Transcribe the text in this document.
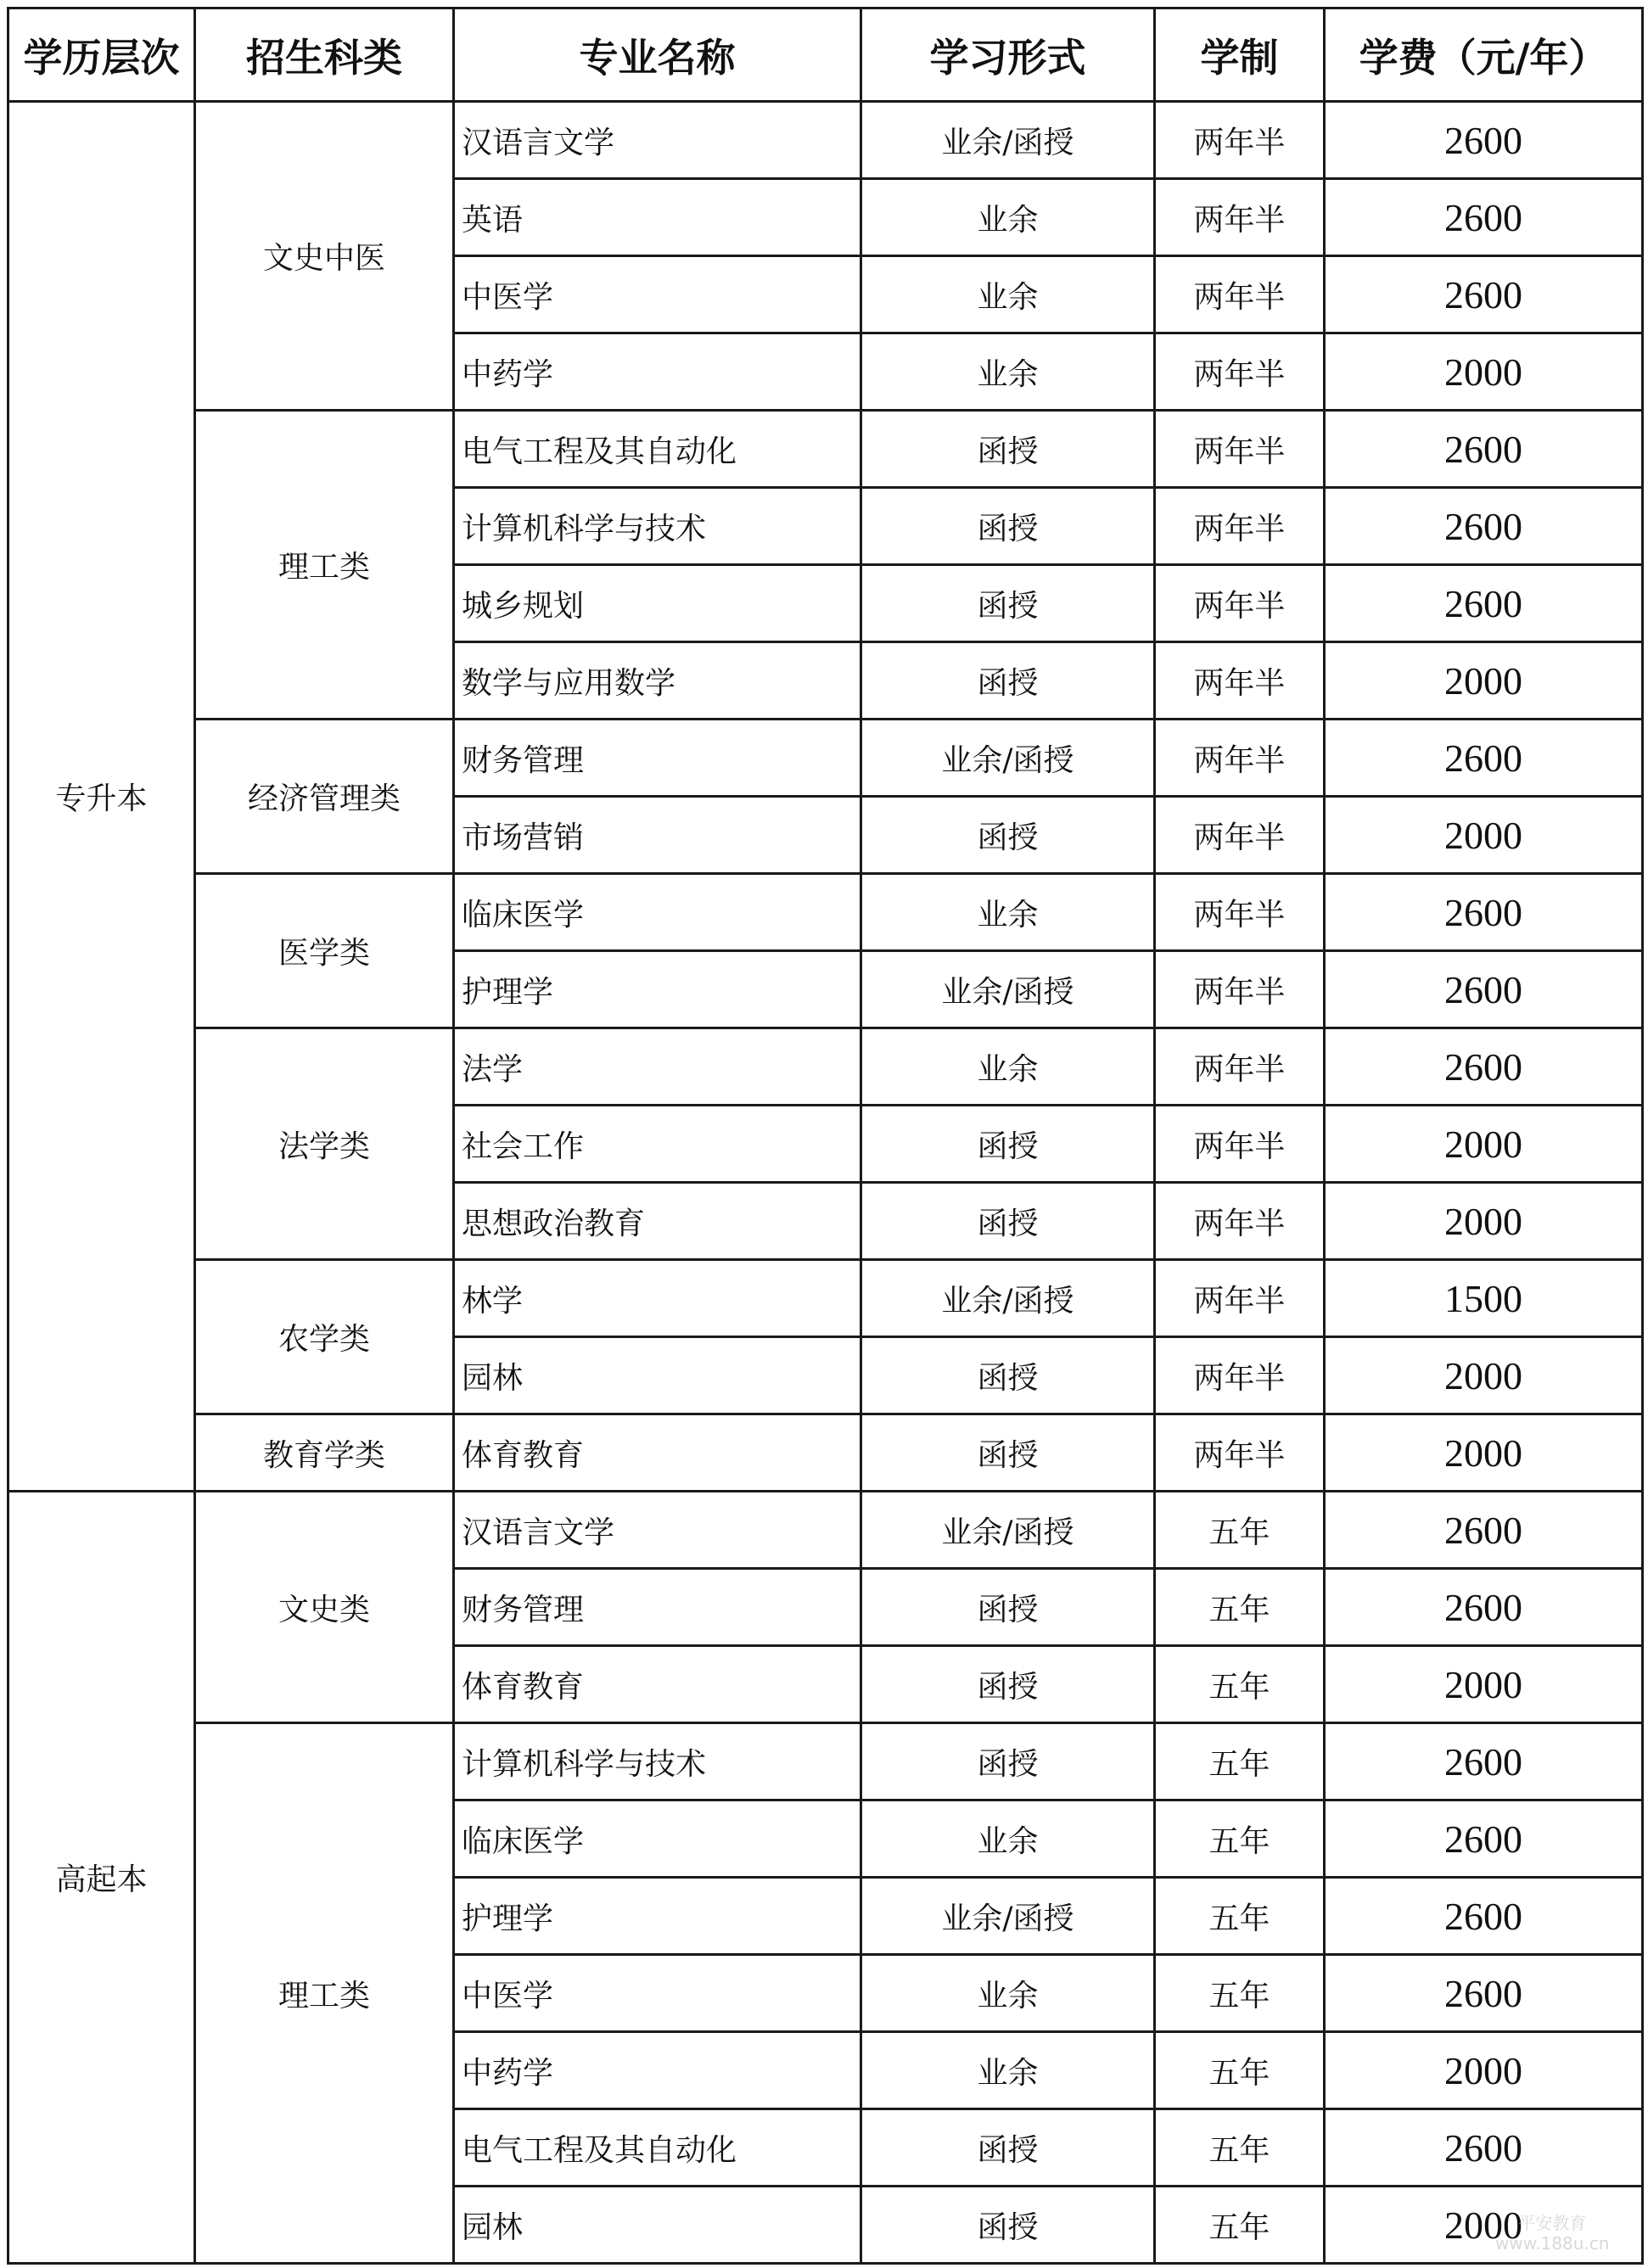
学历层次	招生科类	专业名称	学习形式	学制	学费（元/年）
专升本	文史中医	汉语言文学	业余/函授	两年半	2600
		英语	业余	两年半	2600
		中医学	业余	两年半	2600
		中药学	业余	两年半	2000
	理工类	电气工程及其自动化	函授	两年半	2600
		计算机科学与技术	函授	两年半	2600
		城乡规划	函授	两年半	2600
		数学与应用数学	函授	两年半	2000
	经济管理类	财务管理	业余/函授	两年半	2600
		市场营销	函授	两年半	2000
	医学类	临床医学	业余	两年半	2600
		护理学	业余/函授	两年半	2600
	法学类	法学	业余	两年半	2600
		社会工作	函授	两年半	2000
		思想政治教育	函授	两年半	2000
	农学类	林学	业余/函授	两年半	1500
		园林	函授	两年半	2000
	教育学类	体育教育	函授	两年半	2000
高起本	文史类	汉语言文学	业余/函授	五年	2600
		财务管理	函授	五年	2600
		体育教育	函授	五年	2000
	理工类	计算机科学与技术	函授	五年	2600
		临床医学	业余	五年	2600
		护理学	业余/函授	五年	2600
		中医学	业余	五年	2600
		中药学	业余	五年	2000
		电气工程及其自动化	函授	五年	2600
		园林	函授	五年	2000
平安教育
www.188u.cn
